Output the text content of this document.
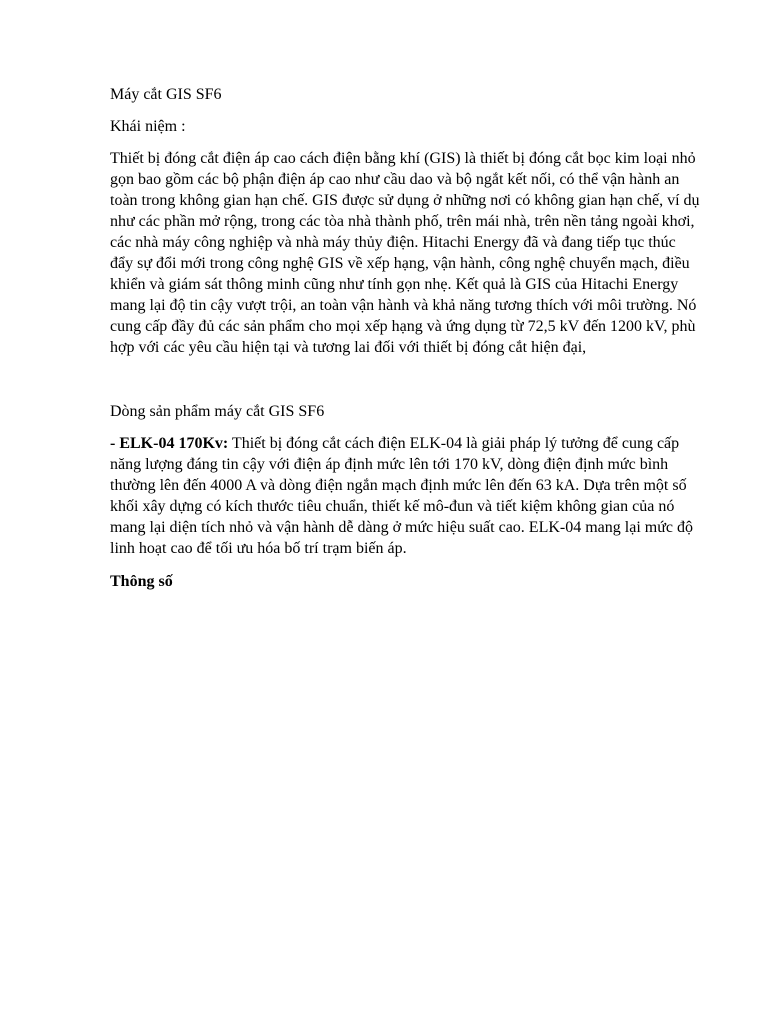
Máy cắt GIS SF6

Khái niệm :

Thiết bị đóng cắt điện áp cao cách điện bằng khí (GIS) là thiết bị đóng cắt bọc kim loại nhỏ gọn bao gồm các bộ phận điện áp cao như cầu dao và bộ ngắt kết nối, có thể vận hành an toàn trong không gian hạn chế. GIS được sử dụng ở những nơi có không gian hạn chế, ví dụ như các phần mở rộng, trong các tòa nhà thành phố, trên mái nhà, trên nền tảng ngoài khơi, các nhà máy công nghiệp và nhà máy thủy điện. Hitachi Energy đã và đang tiếp tục thúc đẩy sự đổi mới trong công nghệ GIS về xếp hạng, vận hành, công nghệ chuyển mạch, điều khiển và giám sát thông minh cũng như tính gọn nhẹ. Kết quả là GIS của Hitachi Energy mang lại độ tin cậy vượt trội, an toàn vận hành và khả năng tương thích với môi trường. Nó cung cấp đầy đủ các sản phẩm cho mọi xếp hạng và ứng dụng từ 72,5 kV đến 1200 kV, phù hợp với các yêu cầu hiện tại và tương lai đối với thiết bị đóng cắt hiện đại,

Dòng sản phẩm máy cắt GIS SF6

- ELK-04 170Kv: Thiết bị đóng cắt cách điện ELK-04 là giải pháp lý tưởng để cung cấp năng lượng đáng tin cậy với điện áp định mức lên tới 170 kV, dòng điện định mức bình thường lên đến 4000 A và dòng điện ngắn mạch định mức lên đến 63 kA. Dựa trên một số khối xây dựng có kích thước tiêu chuẩn, thiết kế mô-đun và tiết kiệm không gian của nó mang lại diện tích nhỏ và vận hành dễ dàng ở mức hiệu suất cao. ELK-04 mang lại mức độ linh hoạt cao để tối ưu hóa bố trí trạm biến áp.

Thông số
